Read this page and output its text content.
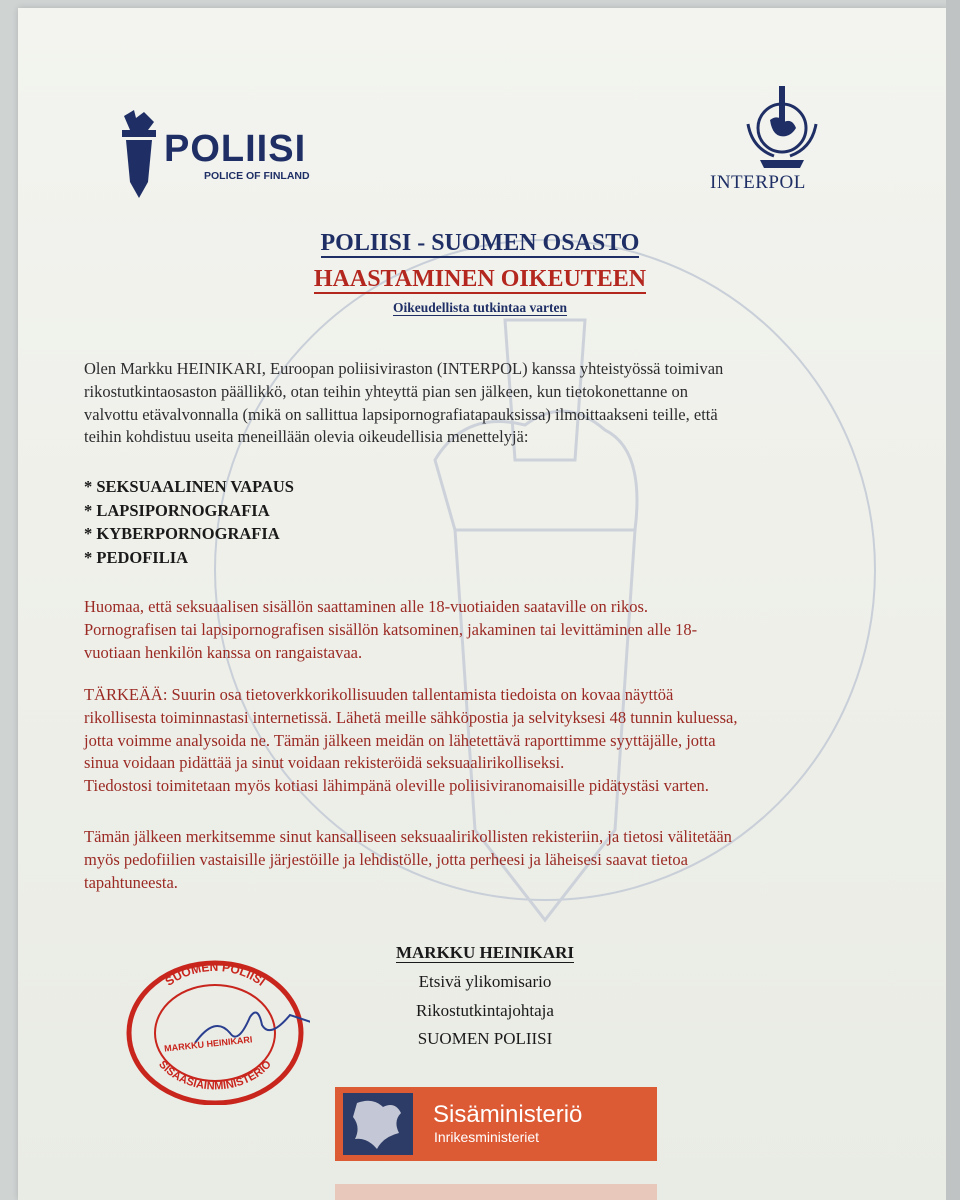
POLIISI
POLICE OF FINLAND	INTERPOL
POLIISI - SUOMEN OSASTO
HAASTAMINEN OIKEUTEEN
Oikeudellista tutkintaa varten

Olen Markku HEINIKARI, Euroopan poliisiviraston (INTERPOL) kanssa yhteistyössä toimivan
rikostutkintaosaston päällikkö, otan teihin yhteyttä pian sen jälkeen, kun tietokonettanne on
valvottu etävalvonnalla (mikä on sallittua lapsipornografiatapauksissa) ilmoittaakseni teille, että
teihin kohdistuu useita meneillään olevia oikeudellisia menettelyjä:

* SEKSUAALINEN VAPAUS
* LAPSIPORNOGRAFIA
* KYBERPORNOGRAFIA
* PEDOFILIA

Huomaa, että seksuaalisen sisällön saattaminen alle 18-vuotiaiden saataville on rikos.
Pornografisen tai lapsipornografisen sisällön katsominen, jakaminen tai levittäminen alle 18-
vuotiaan henkilön kanssa on rangaistavaa.

TÄRKEÄÄ: Suurin osa tietoverkkorikollisuuden tallentamista tiedoista on kovaa näyttöä
rikollisesta toiminnastasi internetissä. Lähetä meille sähköpostia ja selvityksesi 48 tunnin kuluessa,
jotta voimme analysoida ne. Tämän jälkeen meidän on lähetettävä raporttimme syyttäjälle, jotta
sinua voidaan pidättää ja sinut voidaan rekisteröidä seksuaalirikolliseksi.
Tiedostosi toimitetaan myös kotiasi lähimpänä oleville poliisiviranomaisille pidätystäsi varten.

Tämän jälkeen merkitsemme sinut kansalliseen seksuaalirikollisten rekisteriin, ja tietosi välitetään
myös pedofiilien vastaisille järjestöille ja lehdistölle, jotta perheesi ja läheisesi saavat tietoa
tapahtuneesta.

MARKKU HEINIKARI
Etsivä ylikomisario
Rikostutkintajohtaja
SUOMEN POLIISI
SUOMEN POLIISI
SISÄASIAINMINISTERIÖ
MARKKU HEINIKARI
Sisäministeriö
Inrikesministeriet
